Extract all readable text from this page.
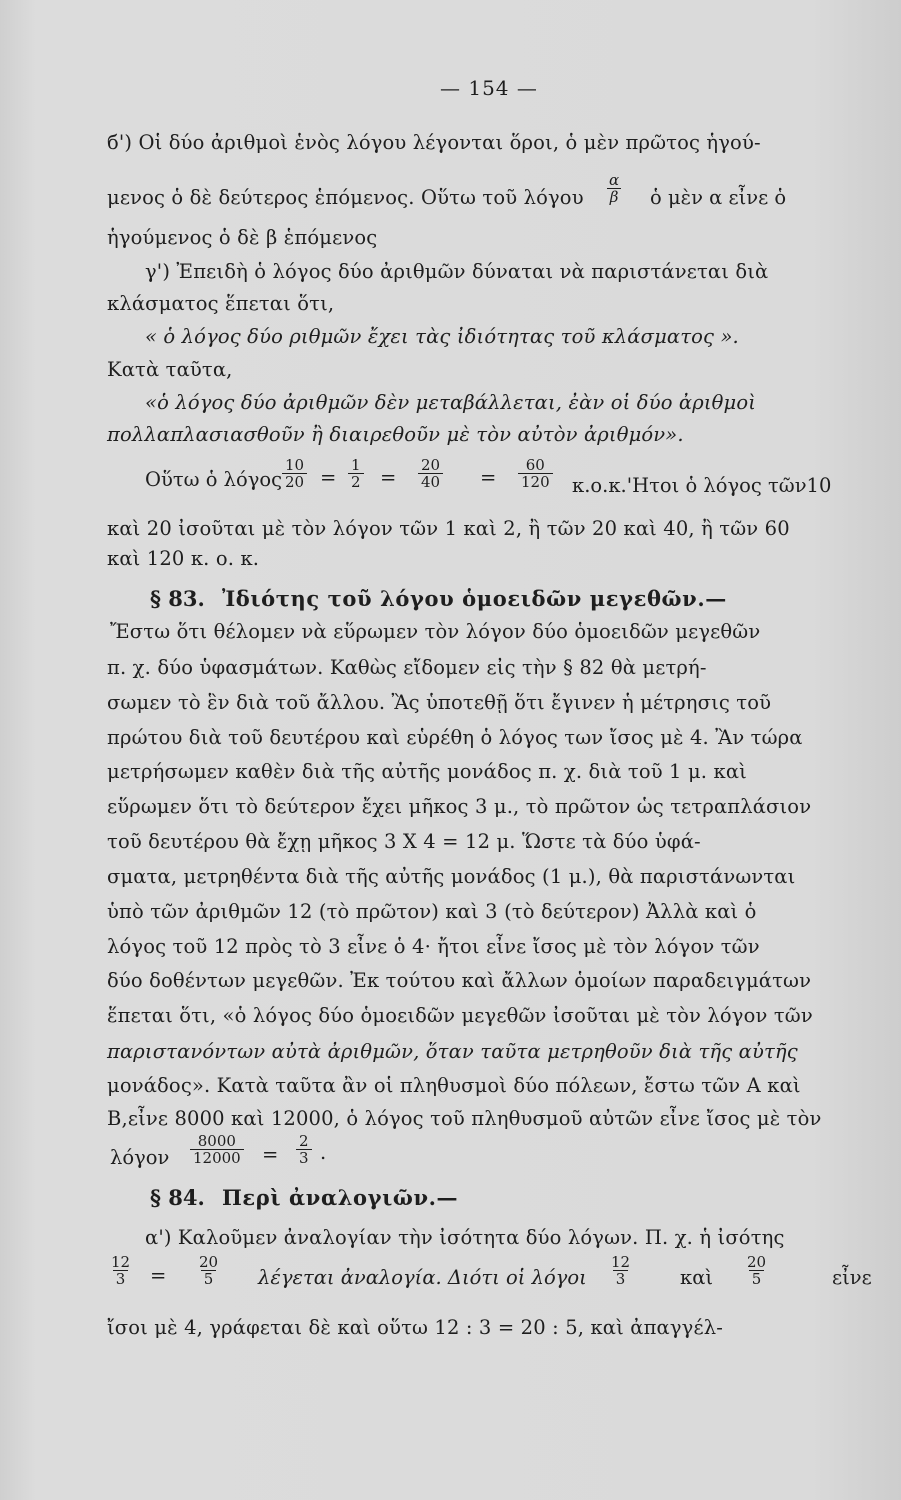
— 154 —
б') Οἱ δύο ἀριθμοὶ ἑνὸς λόγου λέγονται ὅροι, ὁ μὲν πρῶτος ἡγού-
μενος ὁ δὲ δεύτερος ἑπόμενος. Οὕτω τοῦ λόγου
α
β ὁ μὲν α εἶνε ὁ
ἡγούμενος ὁ δὲ β ἑπόμενος
γ') Ἐπειδὴ ὁ λόγος δύο ἀριθμῶν δύναται νὰ παριστάνεται διὰ
κλάσματος ἕπεται ὅτι,
« ὁ λόγος δύο ριθμῶν ἔχει τὰς ἰδιότητας τοῦ κλάσματος ».
Κατὰ ταῦτα,
«ὁ λόγος δύο ἀριθμῶν δὲν μεταβάλλεται, ἐὰν οἱ δύο ἀριθμοὶ
πολλαπλασιασθοῦν ἢ διαιρεθοῦν μὲ τὸν αὐτὸν ἀριθμόν».
Οὕτω ὁ λόγος
10
20 =
1
2 =
20
40 =
60
120 κ.ο.κ.'Ητοι ὁ λόγος τῶν10
καὶ 20 ἰσοῦται μὲ τὸν λόγον τῶν 1 καὶ 2, ἢ τῶν 20 καὶ 40, ἢ τῶν 60
καὶ 120 κ. ο. κ.
§ 83. Ἰδιότης τοῦ λόγου ὁμοειδῶν μεγεθῶν.—
Ἔστω ὅτι θέλομεν νὰ εὕρωμεν τὸν λόγον δύο ὁμοειδῶν μεγεθῶν
π. χ. δύο ὑφασμάτων. Καθὼς εἴδομεν εἰς τὴν § 82 θὰ μετρή-
σωμεν τὸ ἓν διὰ τοῦ ἄλλου. Ἂς ὑποτεθῇ ὅτι ἔγινεν ἡ μέτρησις τοῦ
πρώτου διὰ τοῦ δευτέρου καὶ εὑρέθη ὁ λόγος των ἴσος μὲ 4. Ἂν τώρα
μετρήσωμεν καθὲν διὰ τῆς αὐτῆς μονάδος π. χ. διὰ τοῦ 1 μ. καὶ
εὕρωμεν ὅτι τὸ δεύτερον ἔχει μῆκος 3 μ., τὸ πρῶτον ὡς τετραπλάσιον
τοῦ δευτέρου θὰ ἔχῃ μῆκος 3 X 4 = 12 μ. Ὥστε τὰ δύο ὑφά-
σματα, μετρηθέντα διὰ τῆς αὐτῆς μονάδος (1 μ.), θὰ παριστάνωνται
ὑπὸ τῶν ἀριθμῶν 12 (τὸ πρῶτον) καὶ 3 (τὸ δεύτερον) Ἀλλὰ καὶ ὁ
λόγος τοῦ 12 πρὸς τὸ 3 εἶνε ὁ 4· ἤτοι εἶνε ἴσος μὲ τὸν λόγον τῶν
δύο δοθέντων μεγεθῶν. Ἐκ τούτου καὶ ἄλλων ὁμοίων παραδειγμάτων
ἕπεται ὅτι, «ὁ λόγος δύο ὁμοειδῶν μεγεθῶν ἰσοῦται μὲ τὸν λόγον τῶν
παριστανόντων αὐτὰ ἀριθμῶν, ὅταν ταῦτα μετρηθοῦν διὰ τῆς αὐτῆς
μονάδος». Κατὰ ταῦτα ἂν οἱ πληθυσμοὶ δύο πόλεων, ἔστω τῶν Α καὶ
Β,εἶνε 8000 καὶ 12000, ὁ λόγος τοῦ πληθυσμοῦ αὐτῶν εἶνε ἴσος μὲ τὸν
λόγον
8000
12000 =
2
3 .
§ 84. Περὶ ἀναλογιῶν.—
α') Καλοῦμεν ἀναλογίαν τὴν ἰσότητα δύο λόγων. Π. χ. ἡ ἰσότης
12
3 =
20
5 λέγεται ἀναλογία. Διότι οἱ λόγοι
12
3	καὶ
20
5	εἶνε
ἴσοι μὲ 4, γράφεται δὲ καὶ οὕτω 12 : 3 = 20 : 5, καὶ ἀπαγγέλ-
